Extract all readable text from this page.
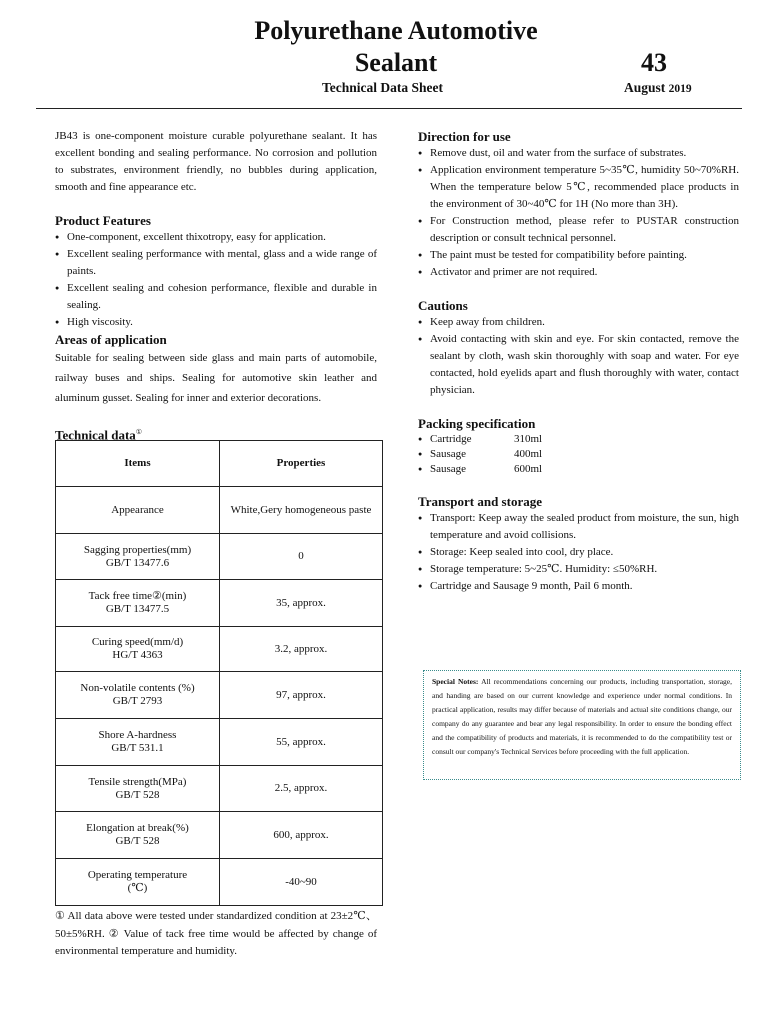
Polyurethane Automotive
Sealant	43
Technical Data Sheet	August 2019

JB43 is one-component moisture curable polyurethane sealant. It has excellent bonding and sealing performance. No corrosion and pollution to substrates, environment friendly, no bubbles during application, smooth and fine appearance etc.

Product Features
● One-component, excellent thixotropy, easy for application.
● Excellent sealing performance with mental, glass and a wide range of paints.
● Excellent sealing and cohesion performance, flexible and durable in sealing.
● High viscosity.
Areas of application

Suitable for sealing between side glass and main parts of automobile, railway buses and ships. Sealing for automotive skin leather and aluminum gusset. Sealing for inner and exterior decorations.

Technical data①
Items	Properties

Appearance	White,Gery homogeneous paste

Sagging properties(mm)
GB/T 13477.6	0

Tack free time②(min)
GB/T 13477.5	35, approx.

Curing speed(mm/d)
HG/T 4363	3.2, approx.

Non-volatile contents (%)
GB/T 2793	97, approx.

Shore A-hardness
GB/T 531.1	55, approx.

Tensile strength(MPa)
GB/T 528	2.5, approx.

Elongation at break(%)
GB/T 528	600, approx.

Operating temperature
(℃)	-40~90

① All data above were tested under standardized condition at 23±2℃、50±5%RH. ② Value of tack free time would be affected by change of environmental temperature and humidity.

Direction for use
● Remove dust, oil and water from the surface of substrates.
● Application environment temperature 5~35℃, humidity 50~70%RH. When the temperature below 5℃, recommended place products in the environment of 30~40℃ for 1H (No more than 3H).
● For Construction method, please refer to PUSTAR construction description or consult technical personnel.
● The paint must be tested for compatibility before painting.
● Activator and primer are not required.
Cautions
● Keep away from children.
● Avoid contacting with skin and eye. For skin contacted, remove the sealant by cloth, wash skin thoroughly with soap and water. For eye contacted, hold eyelids apart and flush thoroughly with water, contact physician.
Packing specification
● Cartridge	310ml
● Sausage	400ml
● Sausage	600ml
Transport and storage
● Transport: Keep away the sealed product from moisture, the sun, high temperature and avoid collisions.
● Storage: Keep sealed into cool, dry place.
● Storage temperature: 5~25℃. Humidity: ≤50%RH.
● Cartridge and Sausage 9 month, Pail 6 month.
Special Notes: All recommendations concerning our products, including transportation, storage, and handing are based on our current knowledge and experience under normal conditions. In practical application, results may differ because of materials and actual site conditions change, our company do any guarantee and bear any legal responsibility. In order to ensure the bonding effect and the compatibility of products and materials, it is recommended to do the compatibility test or consult our company's Technical Services before proceeding with the full application.
